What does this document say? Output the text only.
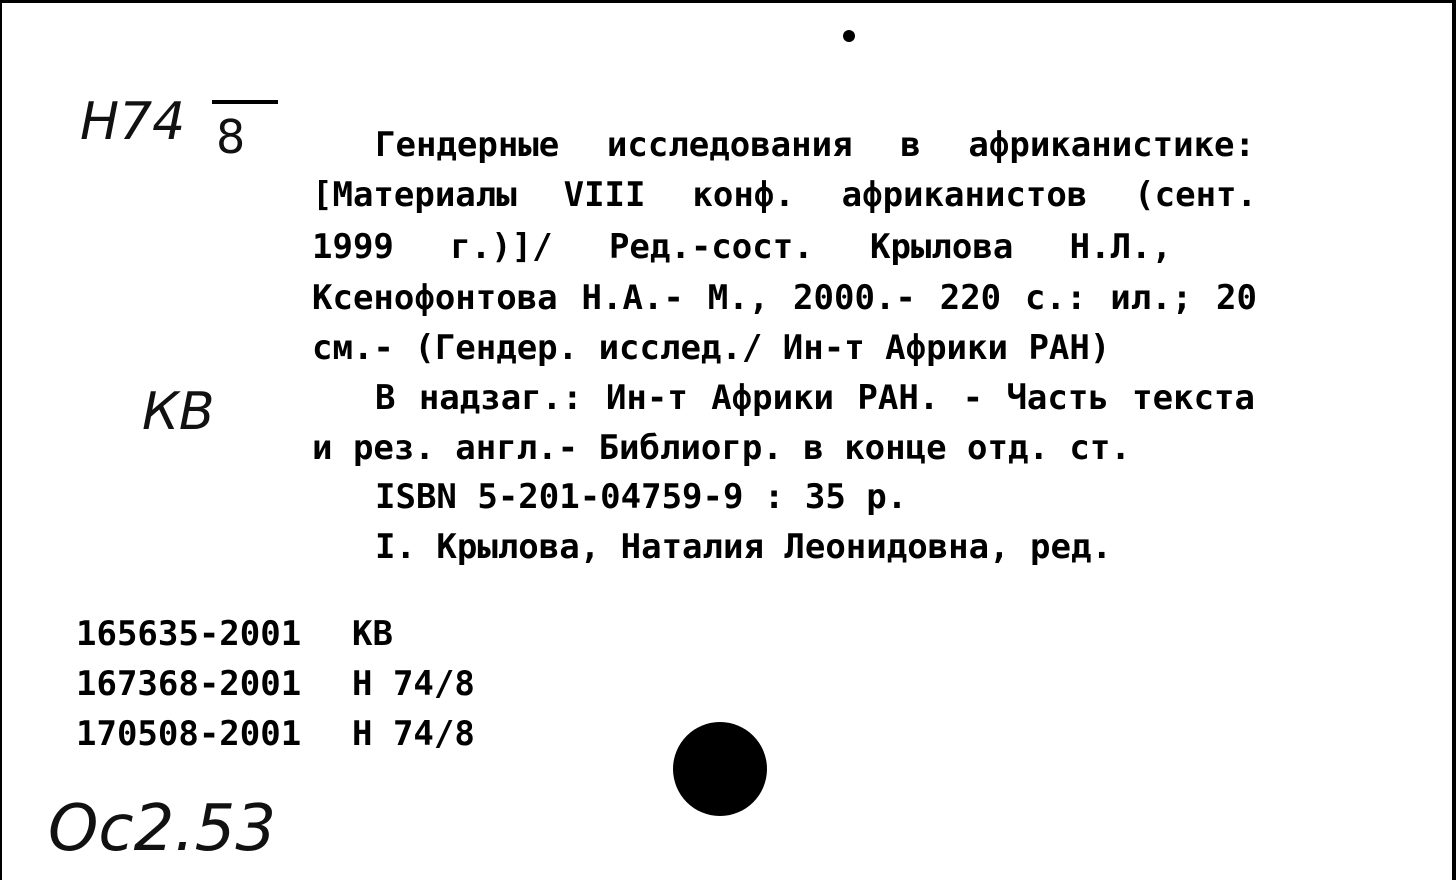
Н74 8
КВ
Гендерные исследования в африканистике:
[Материалы VIII конф. африканистов (сент.
1999 г.)]/ Ред.-сост. Крылова Н.Л.,
Ксенофонтова Н.А.- М., 2000.- 220 с.: ил.; 20
см.- (Гендер. исслед./ Ин-т Африки РАН)
В надзаг.: Ин-т Африки РАН. - Часть текста
и рез. англ.- Библиогр. в конце отд. ст.
ISBN 5-201-04759-9 : 35 р.
I. Крылова, Наталия Леонидовна, ред.
165635-2001 КВ
167368-2001 Н 74/8
170508-2001 Н 74/8
Ос2.53
